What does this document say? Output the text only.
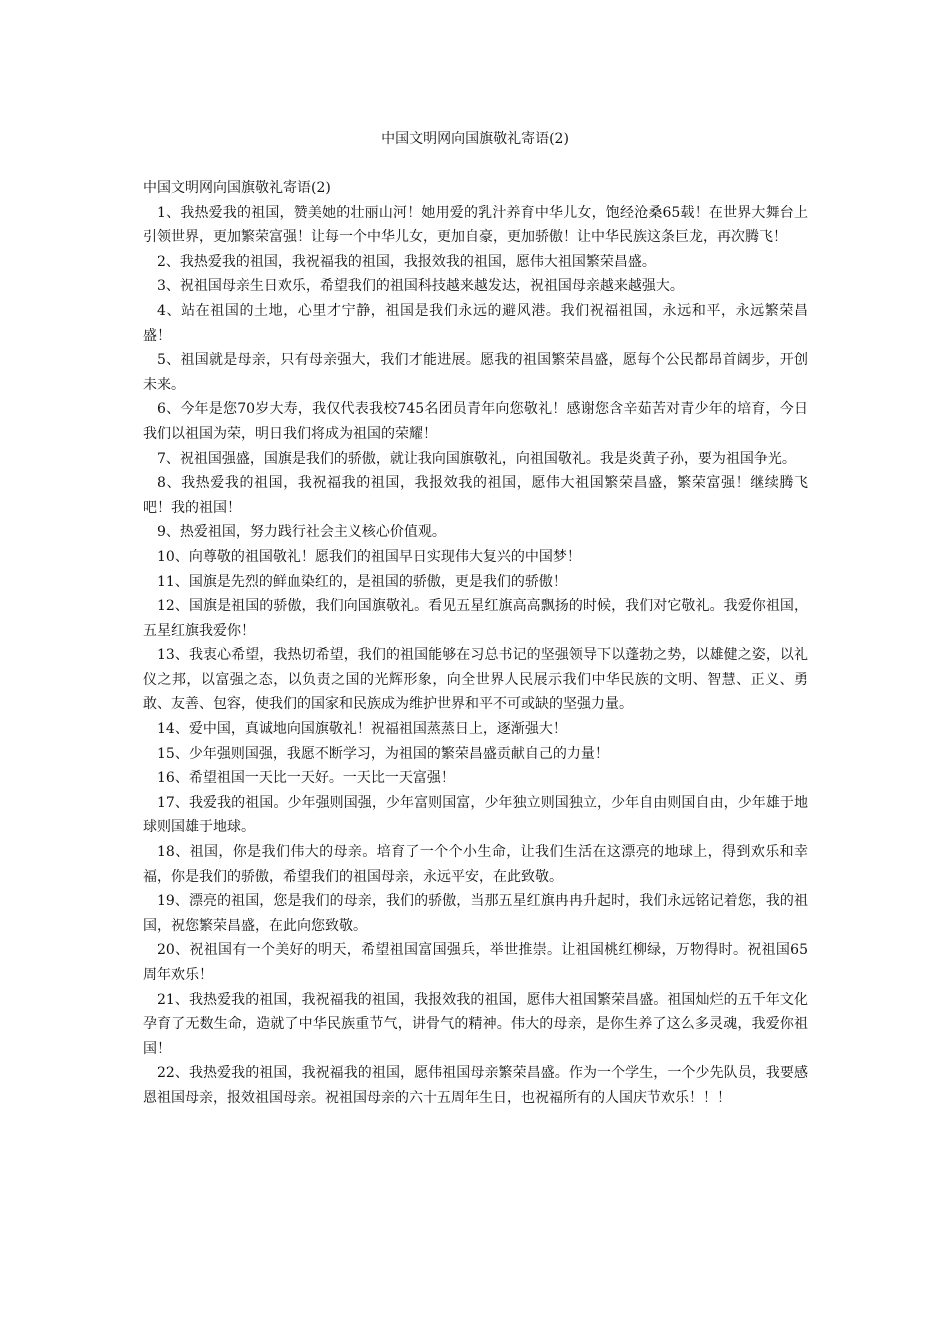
中国文明网向国旗敬礼寄语(2)

中国文明网向国旗敬礼寄语(2)

1、我热爱我的祖国，赞美她的壮丽山河！她用爱的乳汁养育中华儿女，饱经沧桑65载！在世界大舞台上引领世界，更加繁荣富强！让每一个中华儿女，更加自豪，更加骄傲！让中华民族这条巨龙，再次腾飞！

2、我热爱我的祖国，我祝福我的祖国，我报效我的祖国，愿伟大祖国繁荣昌盛。

3、祝祖国母亲生日欢乐，希望我们的祖国科技越来越发达，祝祖国母亲越来越强大。

4、站在祖国的土地，心里才宁静，祖国是我们永远的避风港。我们祝福祖国，永远和平，永远繁荣昌盛！

5、祖国就是母亲，只有母亲强大，我们才能进展。愿我的祖国繁荣昌盛，愿每个公民都昂首阔步，开创未来。

6、今年是您70岁大寿，我仅代表我校745名团员青年向您敬礼！感谢您含辛茹苦对青少年的培育，今日我们以祖国为荣，明日我们将成为祖国的荣耀！

7、祝祖国强盛，国旗是我们的骄傲，就让我向国旗敬礼，向祖国敬礼。我是炎黄子孙，要为祖国争光。

8、我热爱我的祖国，我祝福我的祖国，我报效我的祖国，愿伟大祖国繁荣昌盛，繁荣富强！继续腾飞吧！我的祖国！

9、热爱祖国，努力践行社会主义核心价值观。

10、向尊敬的祖国敬礼！愿我们的祖国早日实现伟大复兴的中国梦！

11、国旗是先烈的鲜血染红的，是祖国的骄傲，更是我们的骄傲！

12、国旗是祖国的骄傲，我们向国旗敬礼。看见五星红旗高高飘扬的时候，我们对它敬礼。我爱你祖国，五星红旗我爱你！

13、我衷心希望，我热切希望，我们的祖国能够在习总书记的坚强领导下以蓬勃之势，以雄健之姿，以礼仪之邦，以富强之态，以负责之国的光辉形象，向全世界人民展示我们中华民族的文明、智慧、正义、勇敢、友善、包容，使我们的国家和民族成为维护世界和平不可或缺的坚强力量。

14、爱中国，真诚地向国旗敬礼！祝福祖国蒸蒸日上，逐渐强大！

15、少年强则国强，我愿不断学习，为祖国的繁荣昌盛贡献自己的力量！

16、希望祖国一天比一天好。一天比一天富强！

17、我爱我的祖国。少年强则国强，少年富则国富，少年独立则国独立，少年自由则国自由，少年雄于地球则国雄于地球。

18、祖国，你是我们伟大的母亲。培育了一个个小生命，让我们生活在这漂亮的地球上，得到欢乐和幸福，你是我们的骄傲，希望我们的祖国母亲，永远平安，在此致敬。

19、漂亮的祖国，您是我们的母亲，我们的骄傲，当那五星红旗冉冉升起时，我们永远铭记着您，我的祖国，祝您繁荣昌盛，在此向您致敬。

20、祝祖国有一个美好的明天，希望祖国富国强兵，举世推崇。让祖国桃红柳绿，万物得时。祝祖国65周年欢乐！

21、我热爱我的祖国，我祝福我的祖国，我报效我的祖国，愿伟大祖国繁荣昌盛。祖国灿烂的五千年文化孕育了无数生命，造就了中华民族重节气，讲骨气的精神。伟大的母亲，是你生养了这么多灵魂，我爱你祖国！

22、我热爱我的祖国，我祝福我的祖国，愿伟祖国母亲繁荣昌盛。作为一个学生，一个少先队员，我要感恩祖国母亲，报效祖国母亲。祝祖国母亲的六十五周年生日，也祝福所有的人国庆节欢乐！！！
